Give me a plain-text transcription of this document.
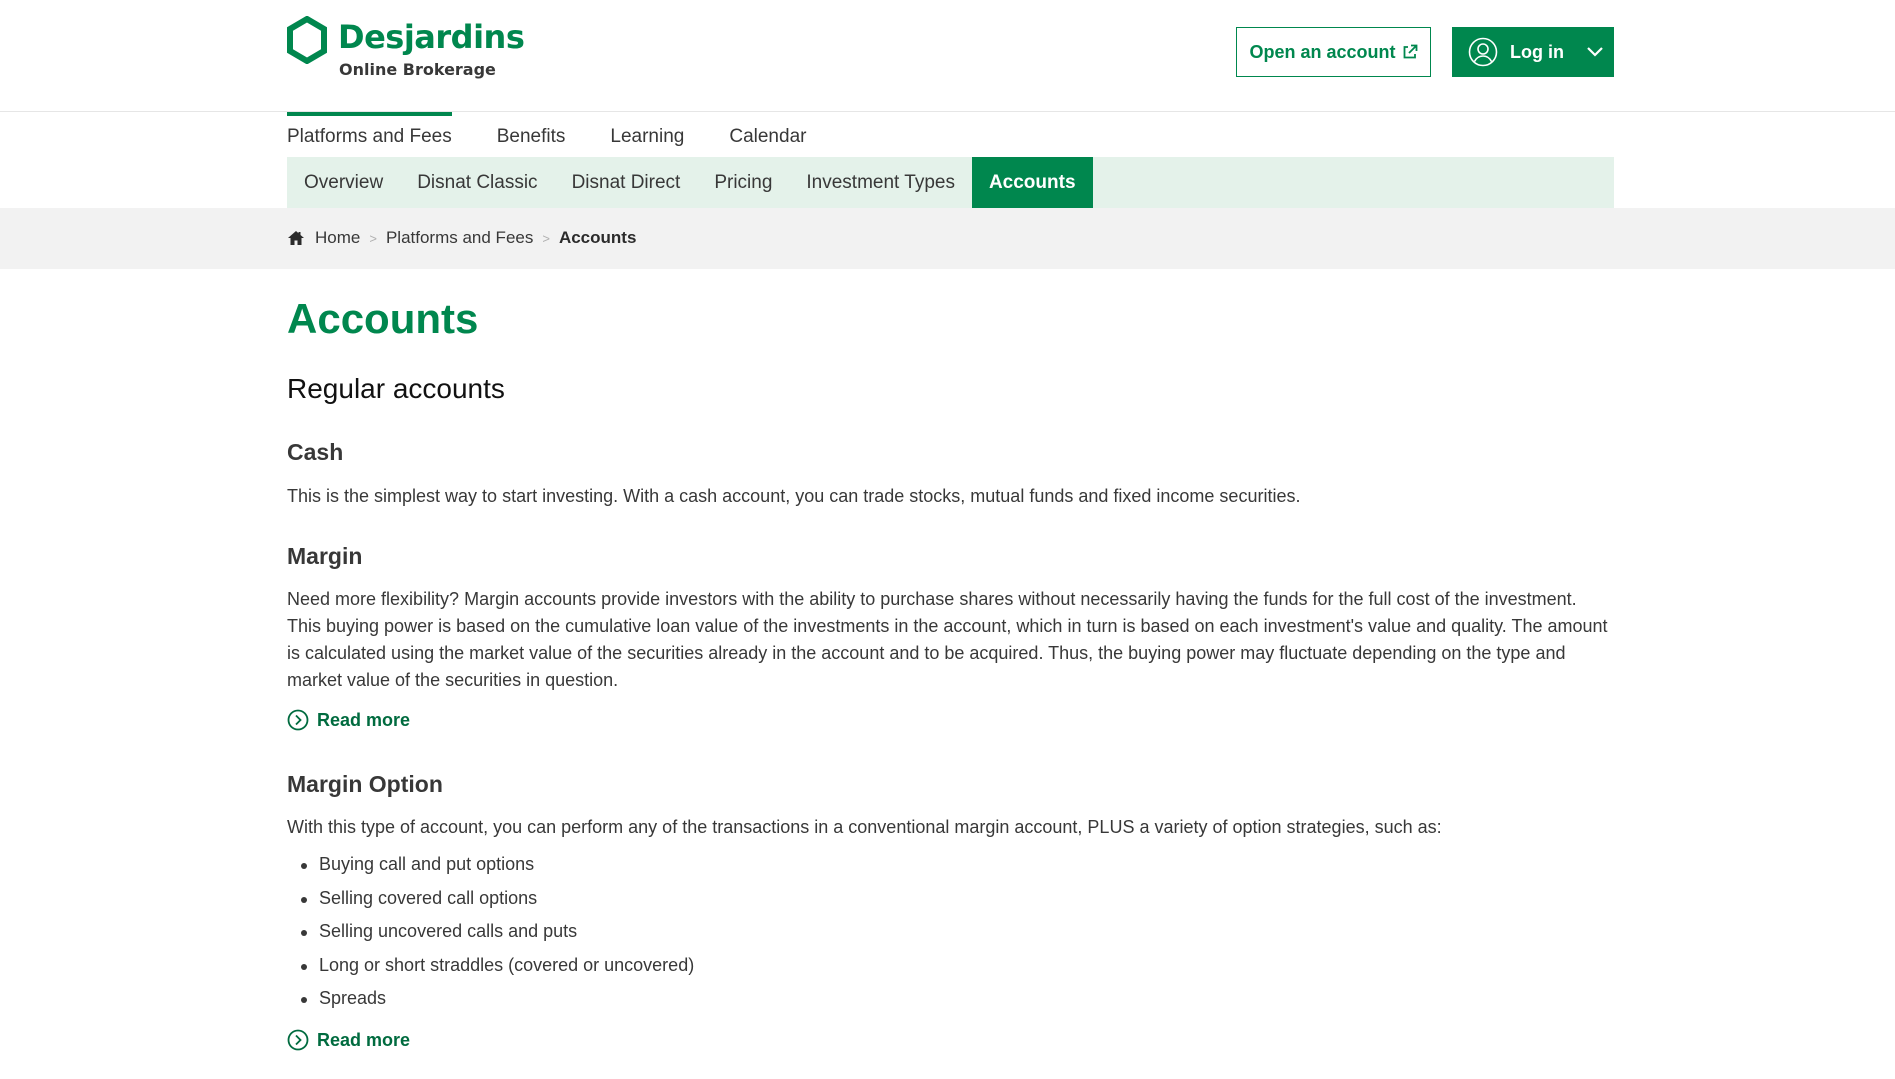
Desjardins
Online Brokerage
Open an account	Log in
Platforms and Fees Benefits Learning Calendar
Overview	Disnat Classic	Disnat Direct	Pricing	Investment Types	Accounts
Home > Platforms and Fees > Accounts
Accounts
Regular accounts
Cash

This is the simplest way to start investing. With a cash account, you can trade stocks, mutual funds and fixed income securities.

Margin

Need more flexibility? Margin accounts provide investors with the ability to purchase shares without necessarily having the funds for the full cost of the investment. This buying power is based on the cumulative loan value of the investments in the account, which in turn is based on each investment's value and quality. The amount is calculated using the market value of the securities already in the account and to be acquired. Thus, the buying power may fluctuate depending on the type and market value of the securities in question.

Read more
Margin Option

With this type of account, you can perform any of the transactions in a conventional margin account, PLUS a variety of option strategies, such as:

Buying call and put options
Selling covered call options
Selling uncovered calls and puts
Long or short straddles (covered or uncovered)
Spreads
Read more
